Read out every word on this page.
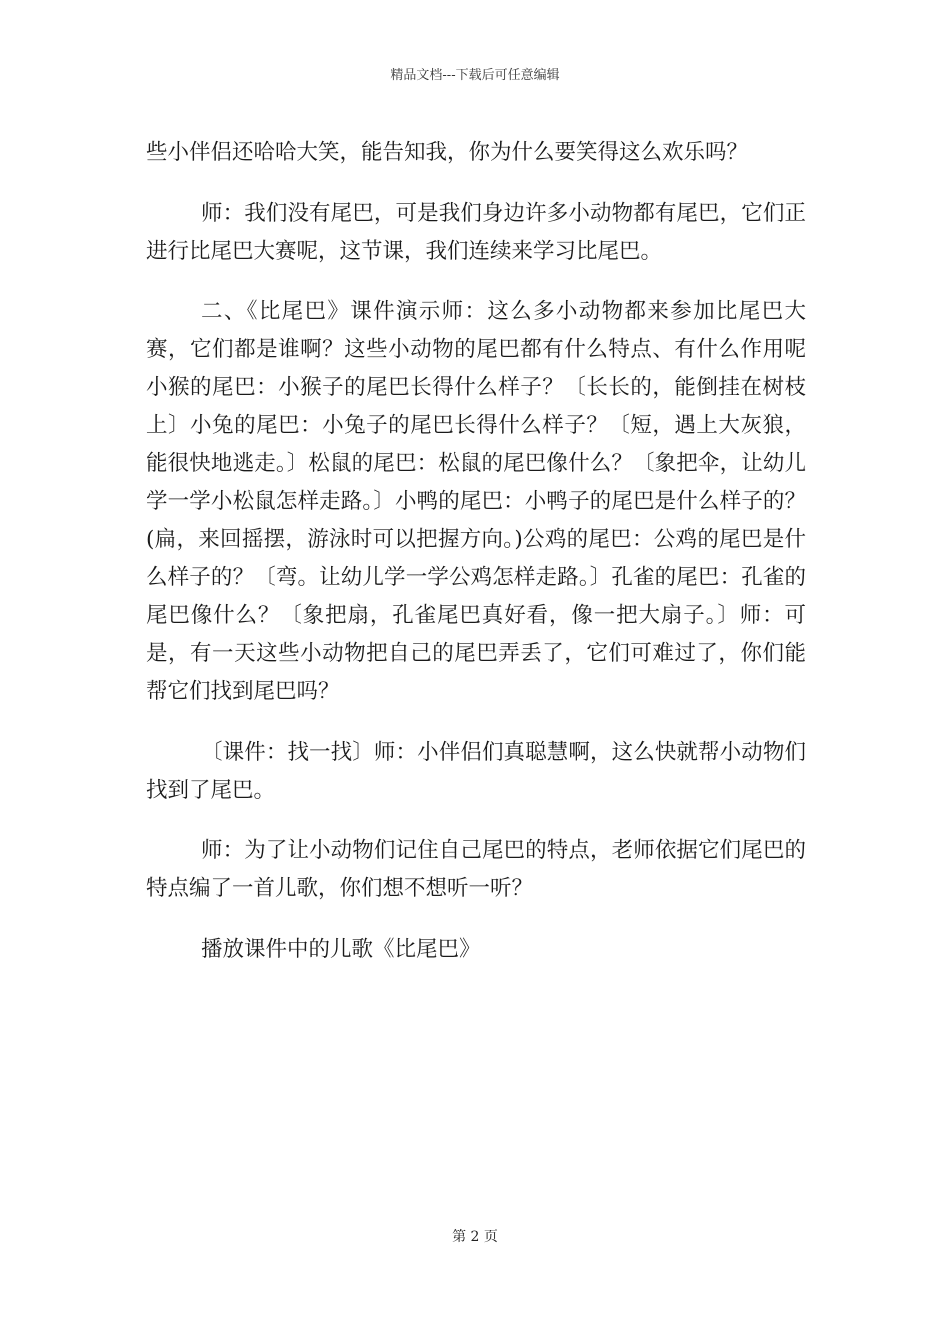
精品文档---下载后可任意编辑

些小伴侣还哈哈大笑，能告知我，你为什么要笑得这么欢乐吗？

师：我们没有尾巴，可是我们身边许多小动物都有尾巴，它们正进行比尾巴大赛呢，这节课，我们连续来学习比尾巴。

二、《比尾巴》课件演示师：这么多小动物都来参加比尾巴大赛，它们都是谁啊？这些小动物的尾巴都有什么特点、有什么作用呢小猴的尾巴：小猴子的尾巴长得什么样子？〔长长的，能倒挂在树枝上〕小兔的尾巴：小兔子的尾巴长得什么样子？〔短，遇上大灰狼，能很快地逃走。〕松鼠的尾巴：松鼠的尾巴像什么？〔象把伞，让幼儿学一学小松鼠怎样走路。〕小鸭的尾巴：小鸭子的尾巴是什么样子的？(扁，来回摇摆，游泳时可以把握方向。)公鸡的尾巴：公鸡的尾巴是什么样子的？〔弯。让幼儿学一学公鸡怎样走路。〕孔雀的尾巴：孔雀的尾巴像什么？〔象把扇，孔雀尾巴真好看，像一把大扇子。〕师：可是，有一天这些小动物把自己的尾巴弄丢了，它们可难过了，你们能帮它们找到尾巴吗？

〔课件：找一找〕师：小伴侣们真聪慧啊，这么快就帮小动物们找到了尾巴。

师：为了让小动物们记住自己尾巴的特点，老师依据它们尾巴的特点编了一首儿歌，你们想不想听一听？

播放课件中的儿歌《比尾巴》

第 2 页
